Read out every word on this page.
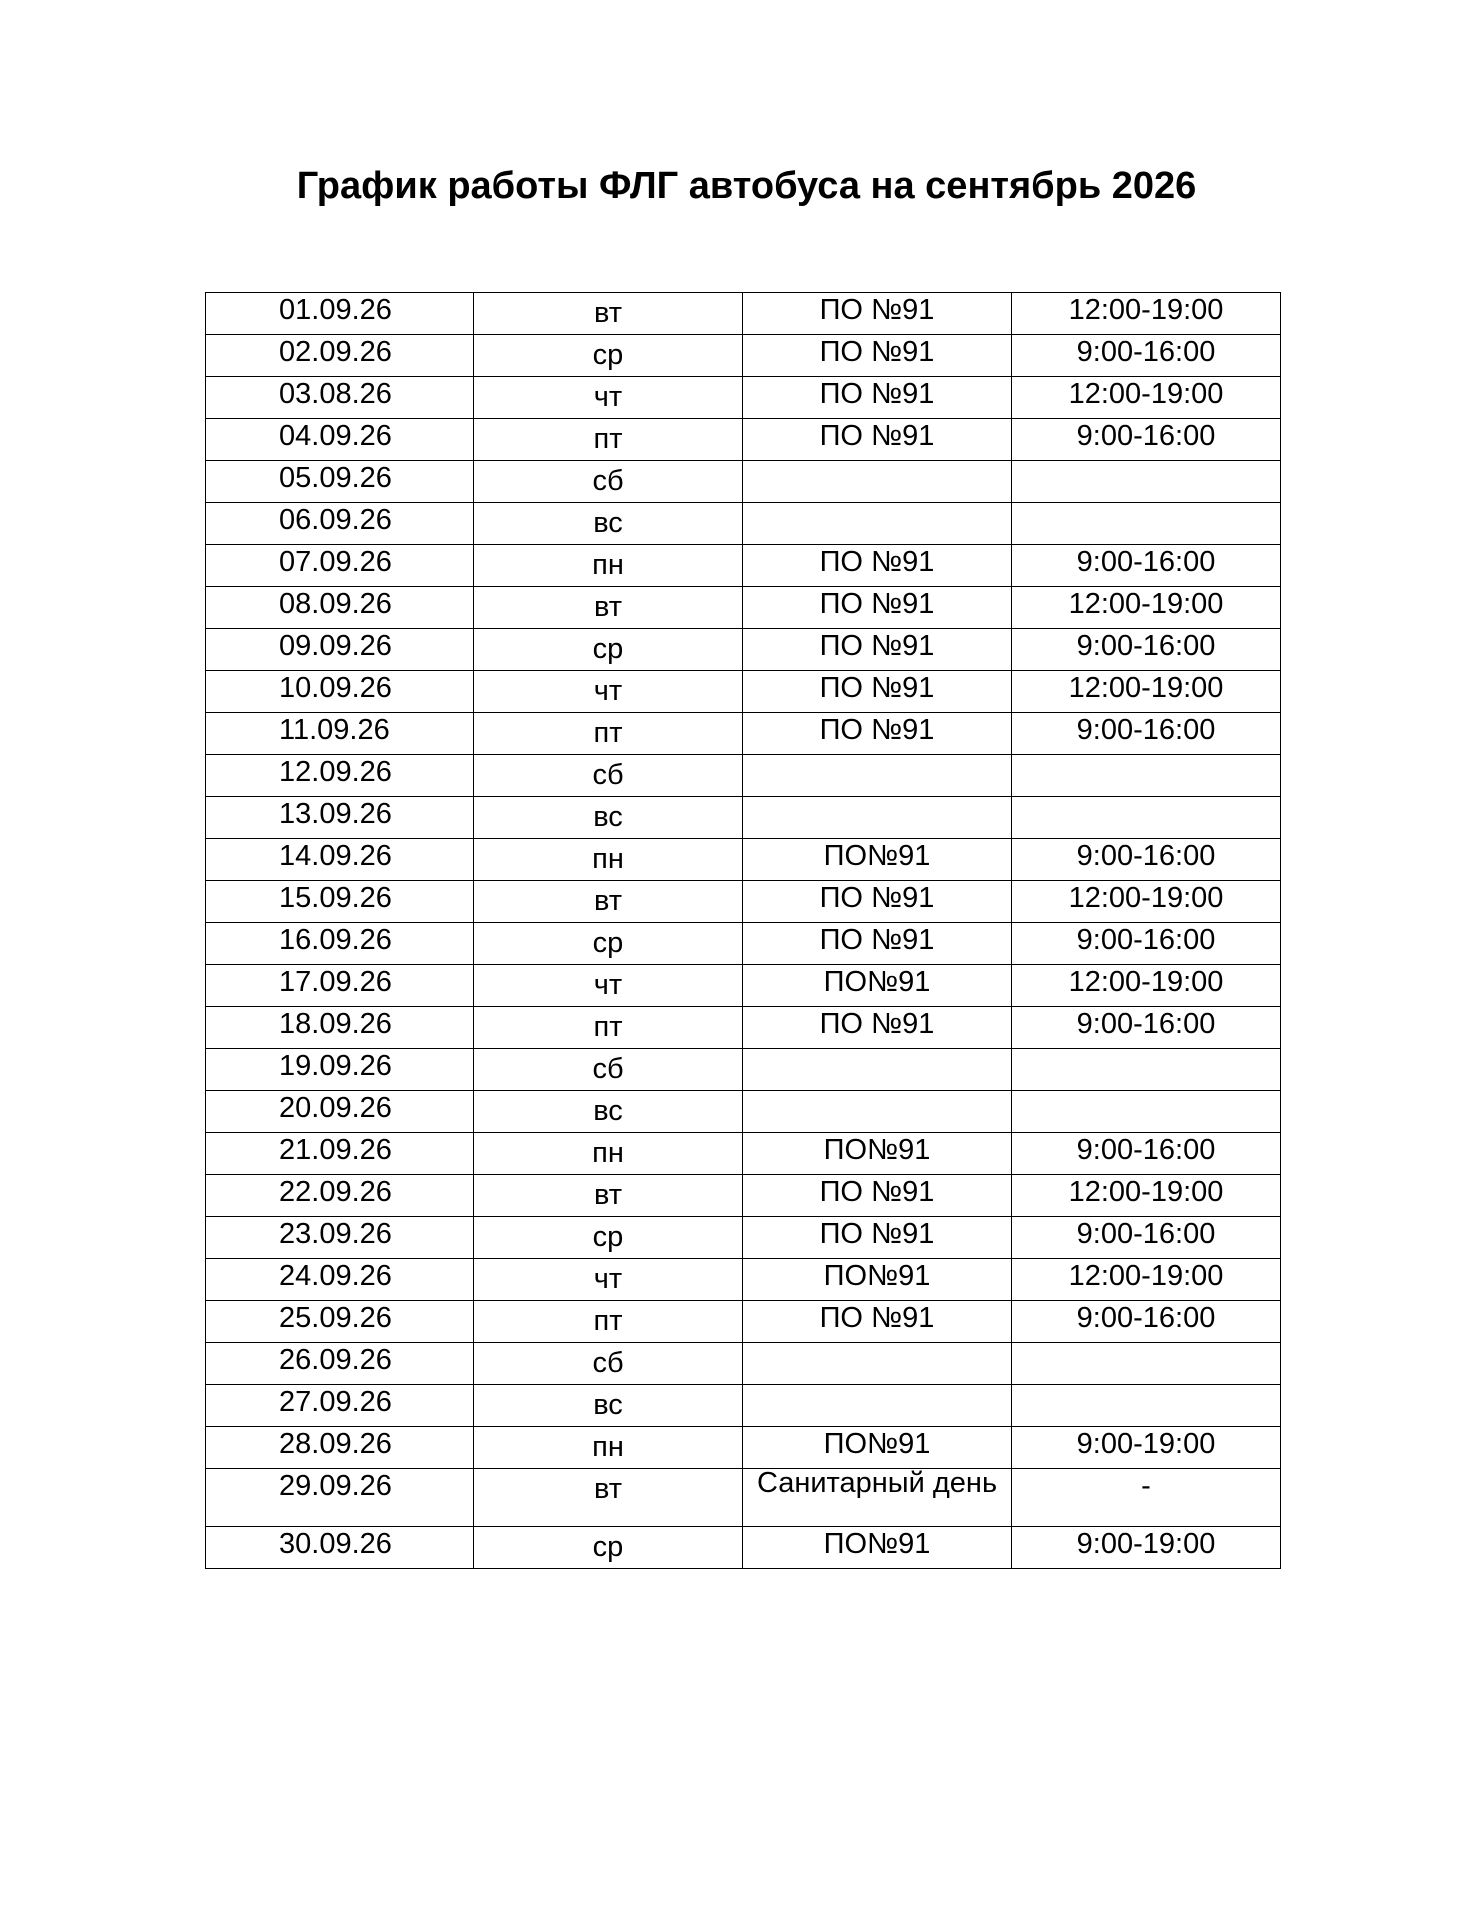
График работы ФЛГ автобуса на сентябрь 2026
01.09.26	вт	ПО №91	12:00-19:00
02.09.26	ср	ПО №91	9:00-16:00
03.08.26	чт	ПО №91	12:00-19:00
04.09.26	пт	ПО №91	9:00-16:00
05.09.26	сб		
06.09.26	вс		
07.09.26	пн	ПО №91	9:00-16:00
08.09.26	вт	ПО №91	12:00-19:00
09.09.26	ср	ПО №91	9:00-16:00
10.09.26	чт	ПО №91	12:00-19:00
11.09.26	пт	ПО №91	9:00-16:00
12.09.26	сб		
13.09.26	вс		
14.09.26	пн	ПО№91	9:00-16:00
15.09.26	вт	ПО №91	12:00-19:00
16.09.26	ср	ПО №91	9:00-16:00
17.09.26	чт	ПО№91	12:00-19:00
18.09.26	пт	ПО №91	9:00-16:00
19.09.26	сб		
20.09.26	вс		
21.09.26	пн	ПО№91	9:00-16:00
22.09.26	вт	ПО №91	12:00-19:00
23.09.26	ср	ПО №91	9:00-16:00
24.09.26	чт	ПО№91	12:00-19:00
25.09.26	пт	ПО №91	9:00-16:00
26.09.26	сб		
27.09.26	вс		
28.09.26	пн	ПО№91	9:00-19:00
29.09.26	вт	Санитарный день	-
30.09.26	ср	ПО№91	9:00-19:00
